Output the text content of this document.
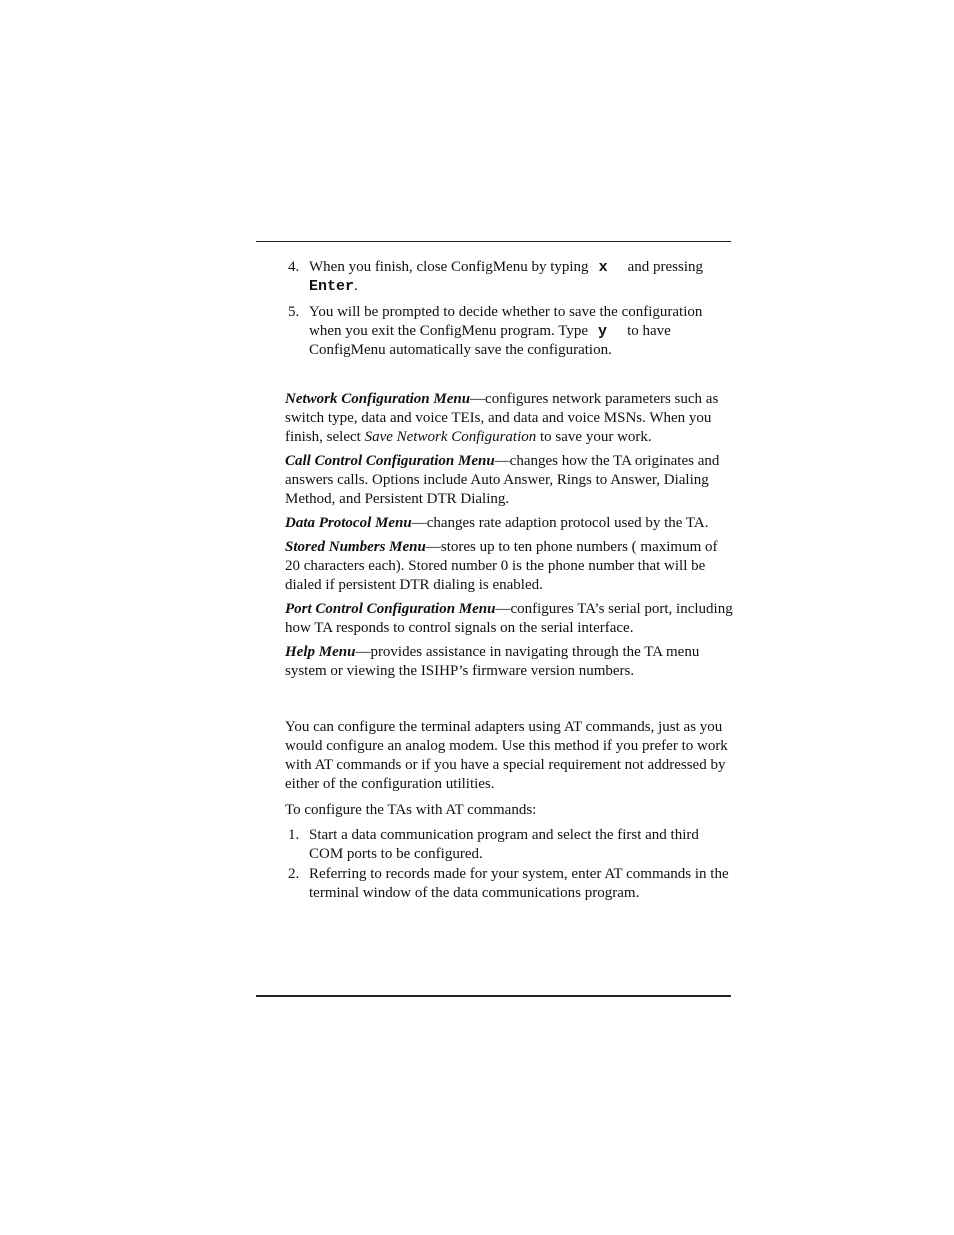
4. When you finish, close ConfigMenu by typing x and pressing
Enter.
5. You will be prompted to decide whether to save the configuration when you exit the ConfigMenu program. Type y to have ConfigMenu automatically save the configuration.
Network Configuration Menu—configures network parameters such as switch type, data and voice TEIs, and data and voice MSNs. When you finish, select Save Network Configuration to save your work.
Call Control Configuration Menu—changes how the TA originates and answers calls. Options include Auto Answer, Rings to Answer, Dialing Method, and Persistent DTR Dialing.
Data Protocol Menu—changes rate adaption protocol used by the TA.
Stored Numbers Menu—stores up to ten phone numbers ( maximum of 20 characters each). Stored number 0 is the phone number that will be dialed if persistent DTR dialing is enabled.
Port Control Configuration Menu—configures TA’s serial port, including how TA responds to control signals on the serial interface.
Help Menu—provides assistance in navigating through the TA menu system or viewing the ISIHP’s firmware version numbers.
You can configure the terminal adapters using AT commands, just as you would configure an analog modem. Use this method if you prefer to work with AT commands or if you have a special requirement not addressed by either of the configuration utilities.
To configure the TAs with AT commands:
1. Start a data communication program and select the first and third COM ports to be configured.
2. Referring to records made for your system, enter AT commands in the terminal window of the data communications program.
